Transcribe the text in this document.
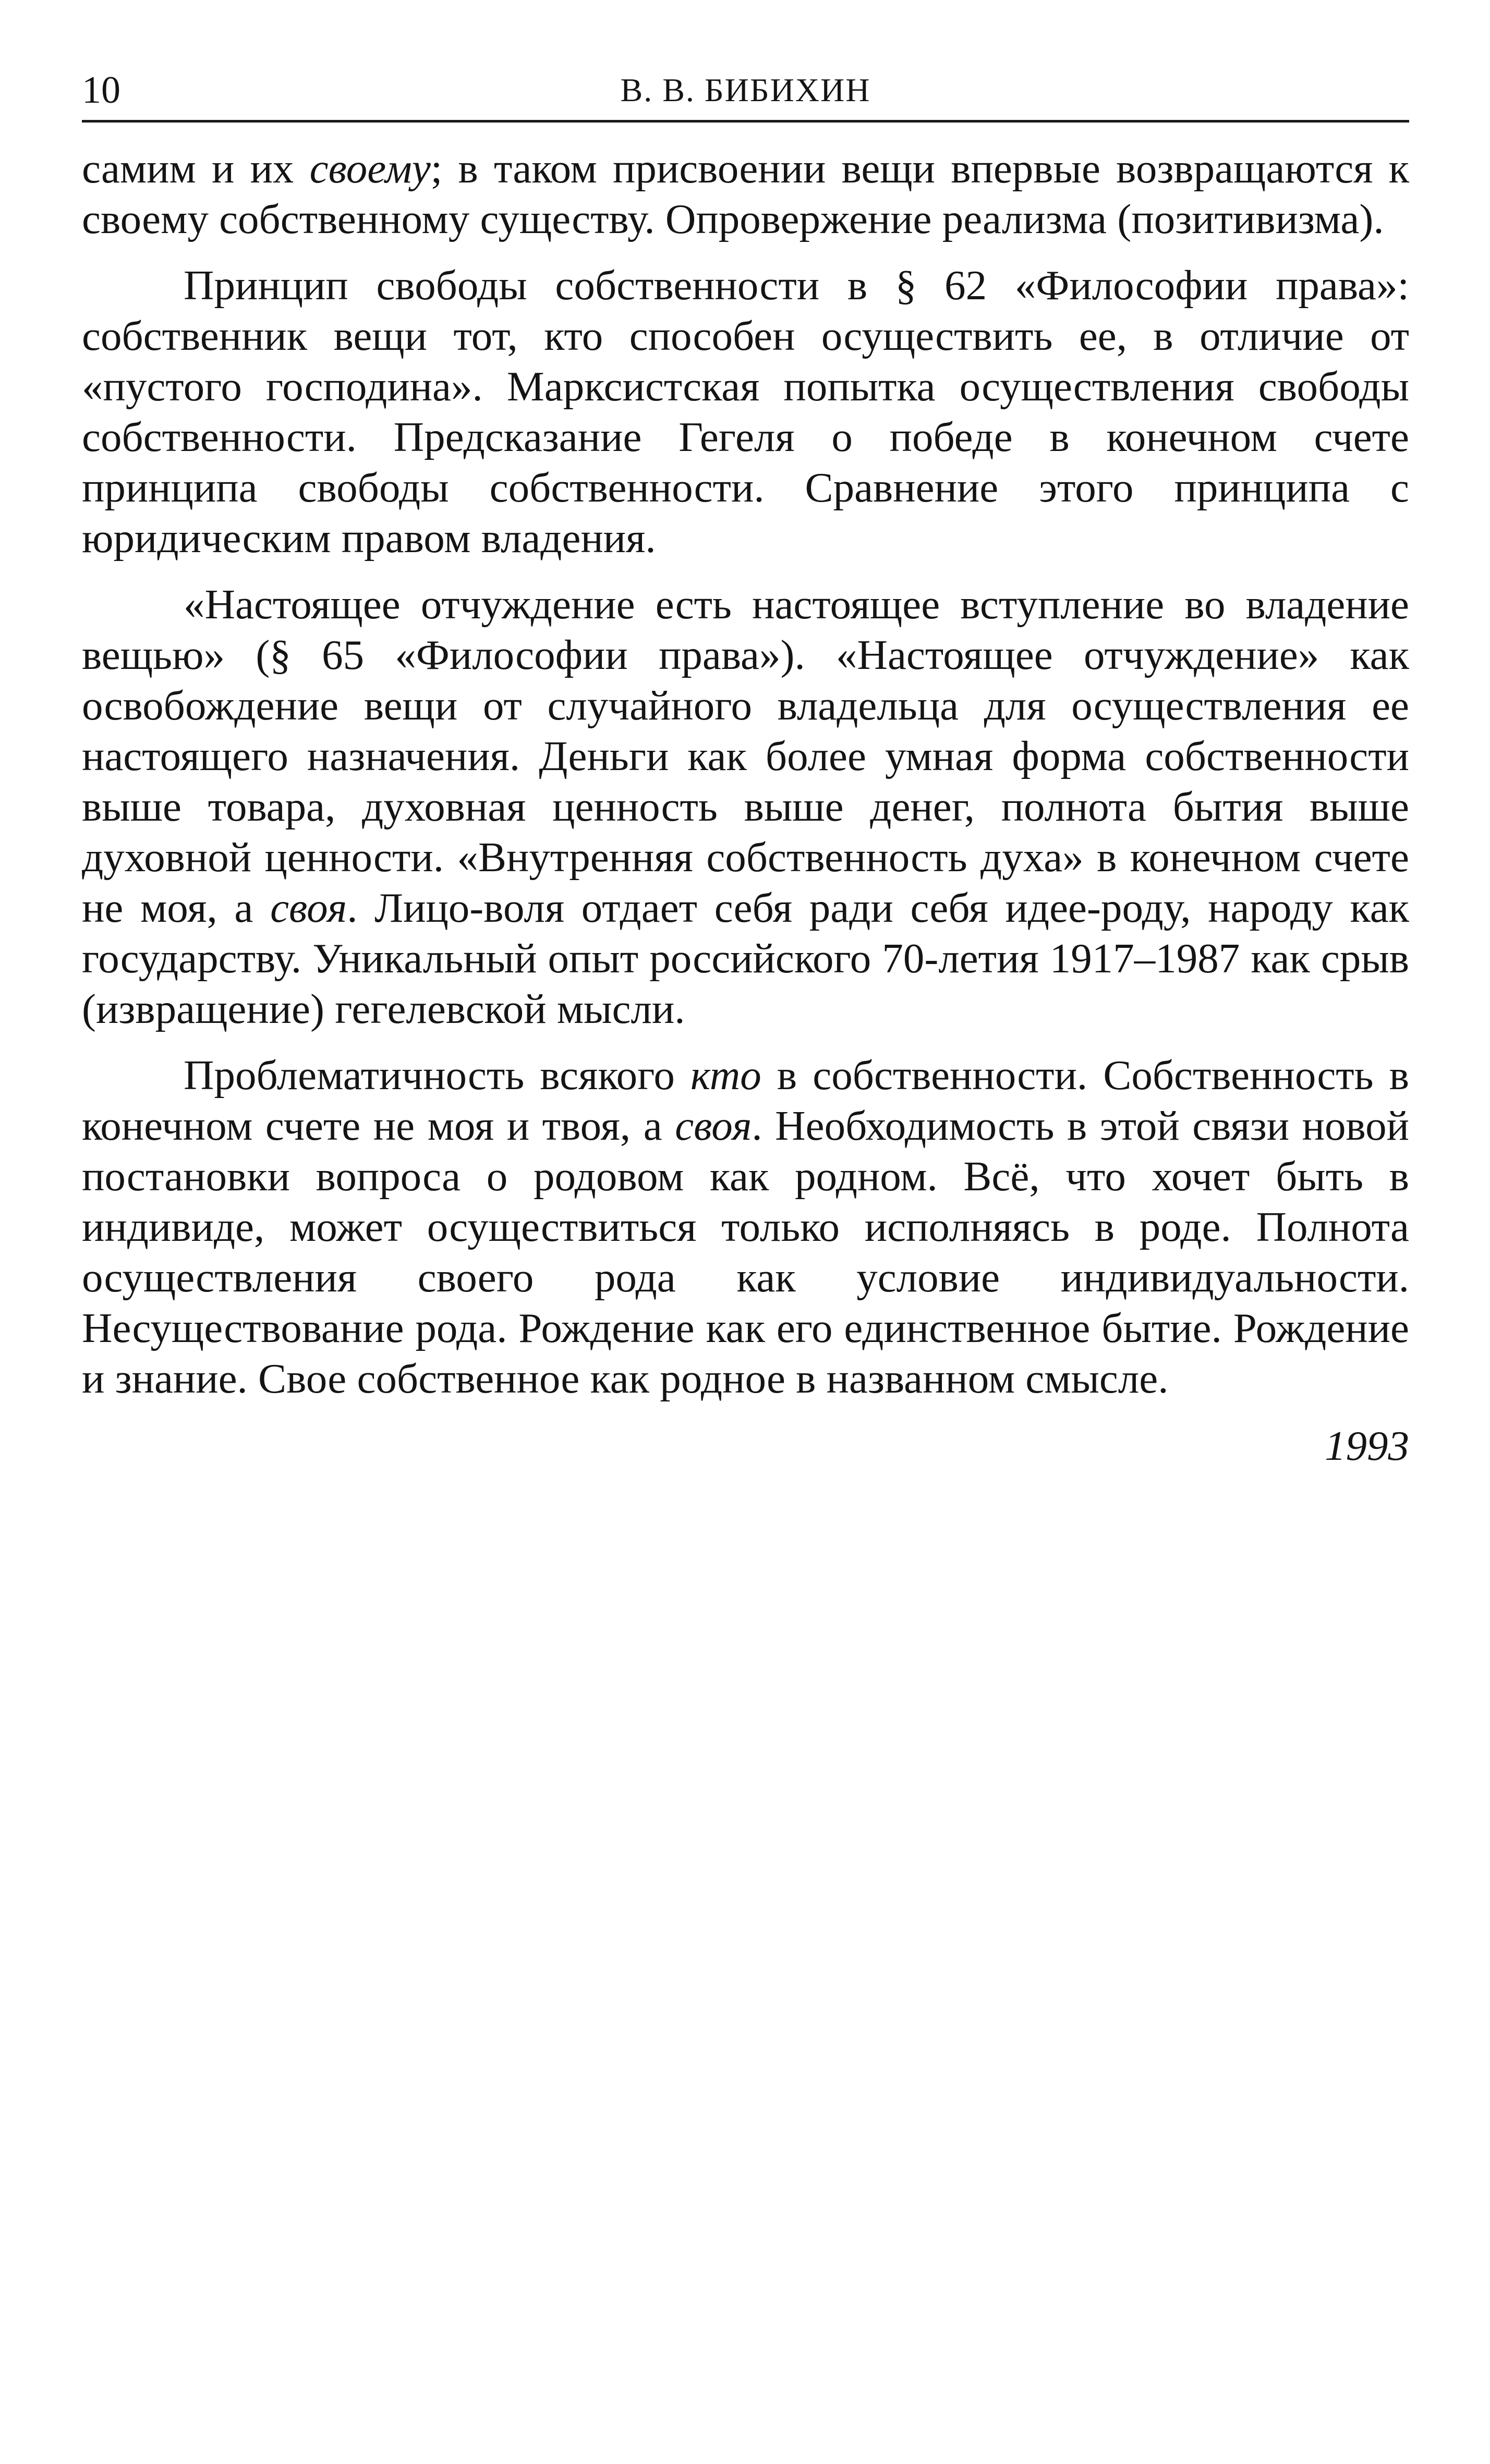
10	В. В. БИБИХИН

самим и их своему; в таком присвоении вещи впервые возвращаются к своему собственному существу. Опровержение реализма (позитивизма).

Принцип свободы собственности в § 62 «Философии права»: собственник вещи тот, кто способен осуществить ее, в отличие от «пустого господина». Марксистская попытка осуществления свободы собственности. Предсказание Гегеля о победе в конечном счете принципа свободы собственности. Сравнение этого принципа с юридическим правом владения.

«Настоящее отчуждение есть настоящее вступление во владение вещью» (§ 65 «Философии права»). «Настоящее отчуждение» как освобождение вещи от случайного владельца для осуществления ее настоящего назначения. Деньги как более умная форма собственности выше товара, духовная ценность выше денег, полнота бытия выше духовной ценности. «Внутренняя собственность духа» в конечном счете не моя, а своя. Лицо-воля отдает себя ради себя идее-роду, народу как государству. Уникальный опыт российского 70-летия 1917–1987 как срыв (извращение) гегелевской мысли.

Проблематичность всякого кто в собственности. Собственность в конечном счете не моя и твоя, а своя. Необходимость в этой связи новой постановки вопроса о родовом как родном. Всё, что хочет быть в индивиде, может осуществиться только исполняясь в роде. Полнота осуществления своего рода как условие индивидуальности. Несуществование рода. Рождение как его единственное бытие. Рождение и знание. Свое собственное как родное в названном смысле.

1993
